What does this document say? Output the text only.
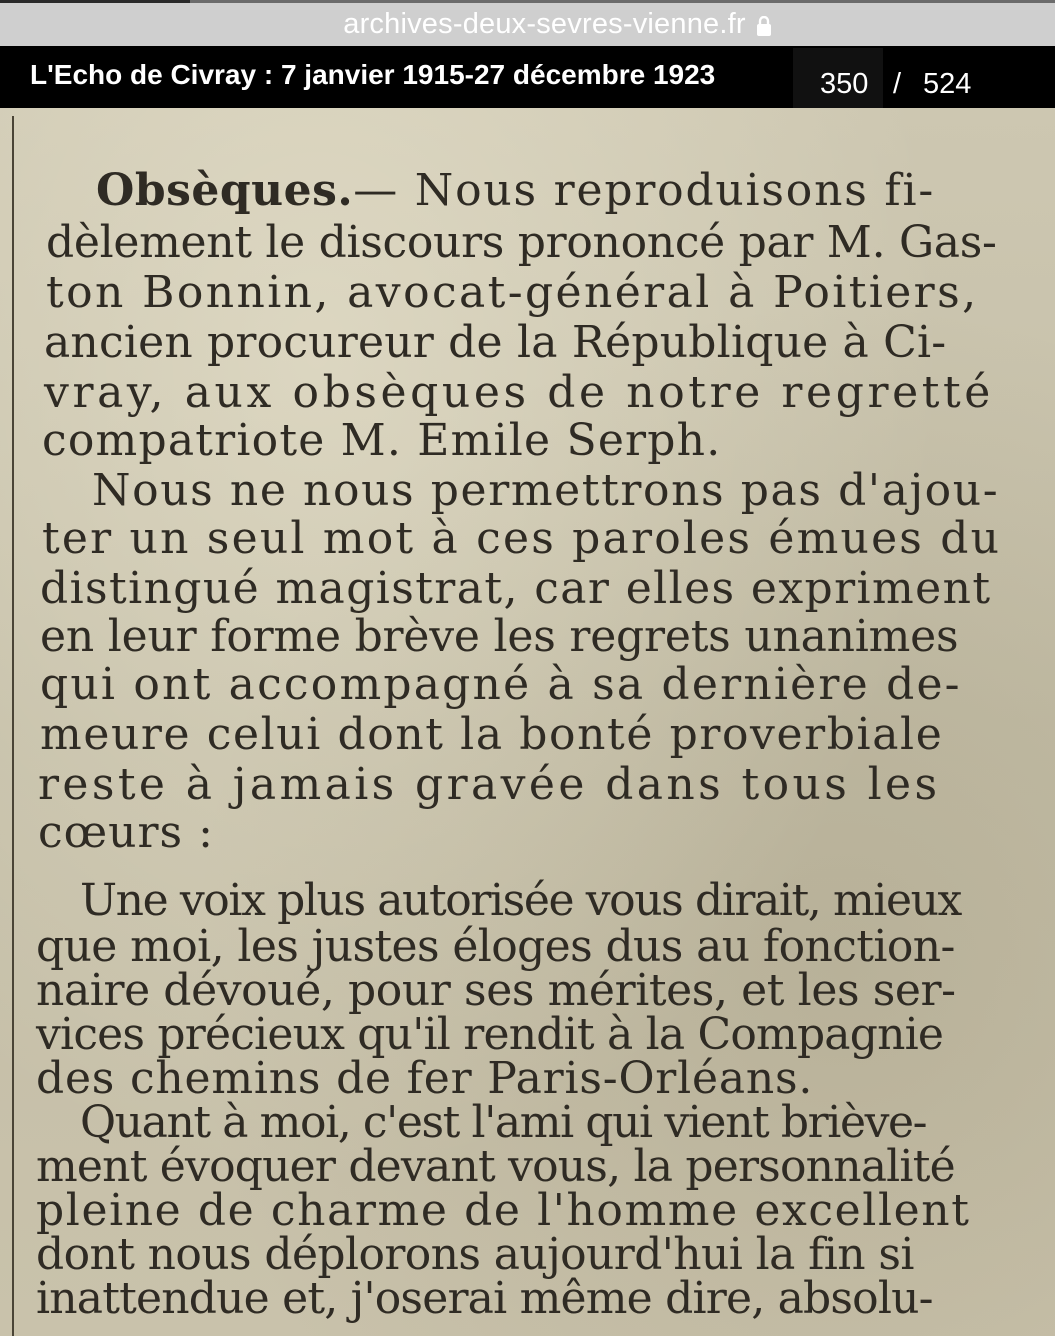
archives-deux-sevres-vienne.fr
L'Echo de Civray : 7 janvier 1915-27 décembre 1923	350 / 524
Obsèques.— Nous reproduisons fi-
dèlement le discours prononcé par M. Gas-
ton Bonnin, avocat-général à Poitiers,
ancien procureur de la République à Ci-
vray, aux obsèques de notre regretté
compatriote M. Emile Serph.
Nous ne nous permettrons pas d'ajou-
ter un seul mot à ces paroles émues du
distingué magistrat, car elles expriment
en leur forme brève les regrets unanimes
qui ont accompagné à sa dernière de-
meure celui dont la bonté proverbiale
reste à jamais gravée dans tous les
cœurs :
Une voix plus autorisée vous dirait, mieux
que moi, les justes éloges dus au fonction-
naire dévoué, pour ses mérites, et les ser-
vices précieux qu'il rendit à la Compagnie
des chemins de fer Paris-Orléans.
Quant à moi, c'est l'ami qui vient briève-
ment évoquer devant vous, la personnalité
pleine de charme de l'homme excellent
dont nous déplorons aujourd'hui la fin si
inattendue et, j'oserai même dire, absolu-
